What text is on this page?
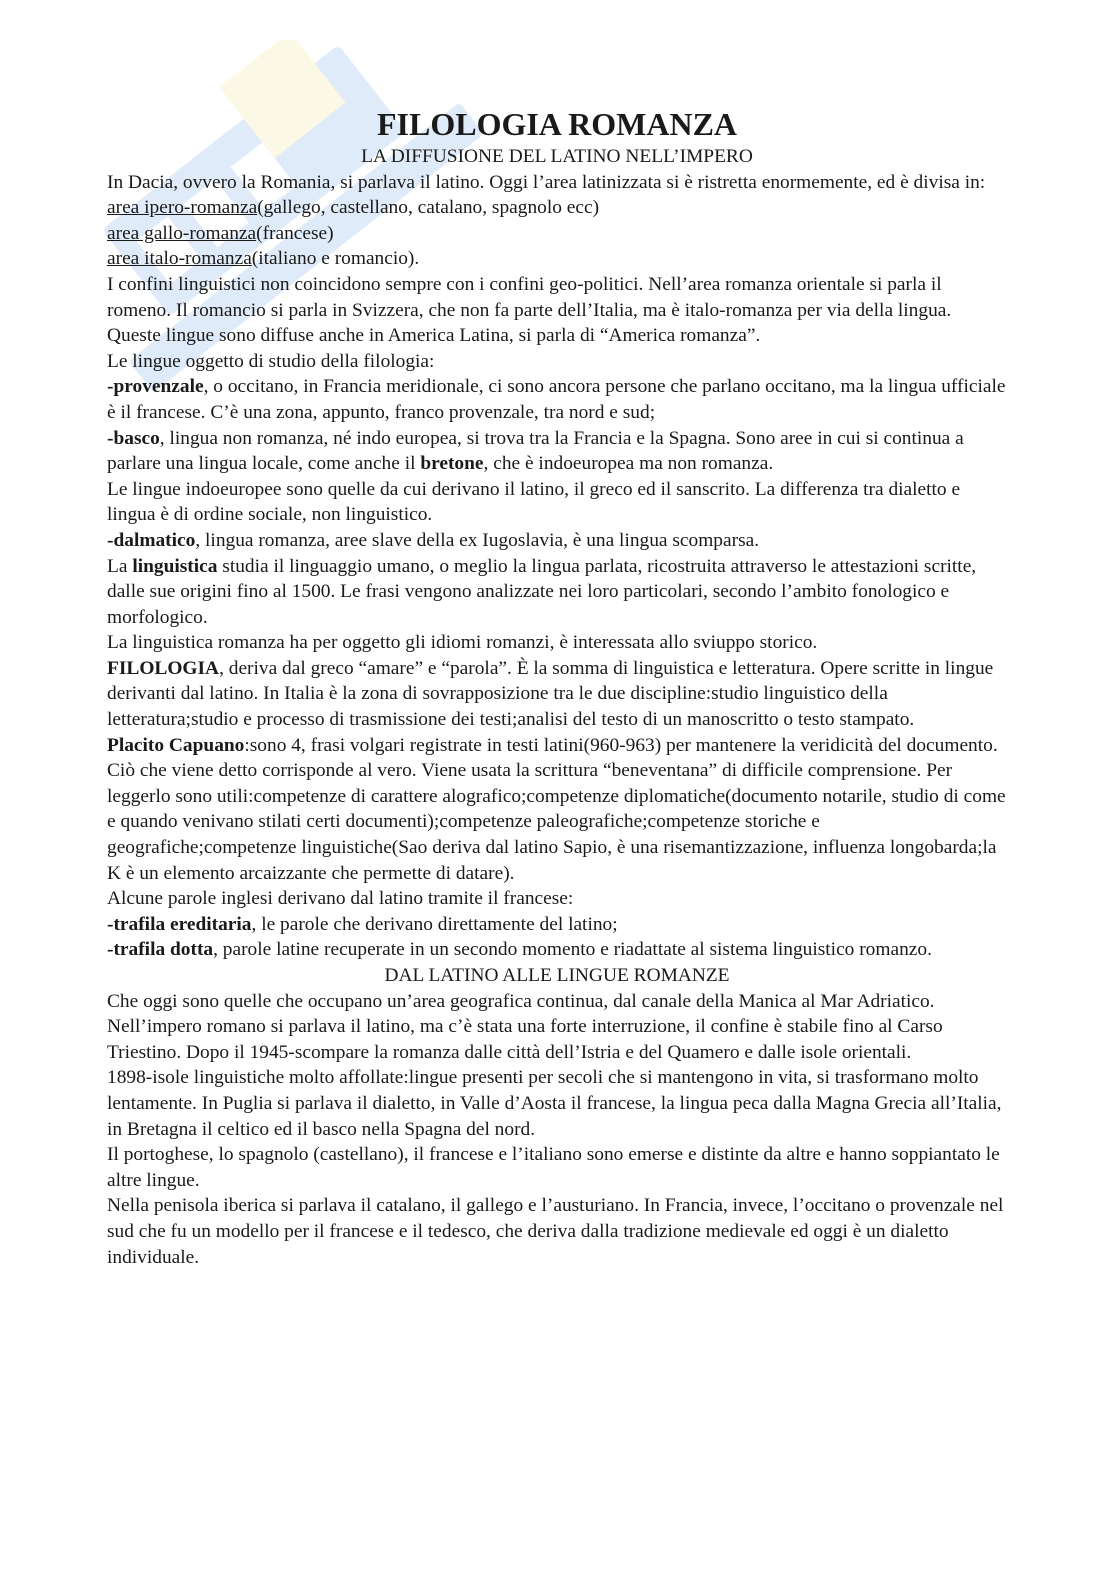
FILOLOGIA ROMANZA

LA DIFFUSIONE DEL LATINO NELL’IMPERO

In Dacia, ovvero la Romania, si parlava il latino. Oggi l’area latinizzata si è ristretta enormemente, ed è divisa in:

area ipero-romanza(gallego, castellano, catalano, spagnolo ecc)

area gallo-romanza(francese)

area italo-romanza(italiano e romancio).

I confini linguistici non coincidono sempre con i confini geo-politici. Nell’area romanza orientale si parla il romeno. Il romancio si parla in Svizzera, che non fa parte dell’Italia, ma è italo-romanza per via della lingua. Queste lingue sono diffuse anche in America Latina, si parla di “America romanza”.

Le lingue oggetto di studio della filologia:

-provenzale, o occitano, in Francia meridionale, ci sono ancora persone che parlano occitano, ma la lingua ufficiale è il francese. C’è una zona, appunto, franco provenzale, tra nord e sud;

-basco, lingua non romanza, né indo europea, si trova tra la Francia e la Spagna. Sono aree in cui si continua a parlare una lingua locale, come anche il bretone, che è indoeuropea ma non romanza.

Le lingue indoeuropee sono quelle da cui derivano il latino, il greco ed il sanscrito. La differenza tra dialetto e lingua è di ordine sociale, non linguistico.

-dalmatico, lingua romanza, aree slave della ex Iugoslavia, è una lingua scomparsa.

La linguistica studia il linguaggio umano, o meglio la lingua parlata, ricostruita attraverso le attestazioni scritte, dalle sue origini fino al 1500. Le frasi vengono analizzate nei loro particolari, secondo l’ambito fonologico e morfologico.

La linguistica romanza ha per oggetto gli idiomi romanzi, è interessata allo sviuppo storico.

FILOLOGIA, deriva dal greco “amare” e “parola”. È la somma di linguistica e letteratura. Opere scritte in lingue derivanti dal latino. In Italia è la zona di sovrapposizione tra le due discipline:studio linguistico della letteratura;studio e processo di trasmissione dei testi;analisi del testo di un manoscritto o testo stampato.

Placito Capuano:sono 4, frasi volgari registrate in testi latini(960-963) per mantenere la veridicità del documento. Ciò che viene detto corrisponde al vero. Viene usata la scrittura “beneventana” di difficile comprensione. Per leggerlo sono utili:competenze di carattere alografico;competenze diplomatiche(documento notarile, studio di come e quando venivano stilati certi documenti);competenze paleografiche;competenze storiche e geografiche;competenze linguistiche(Sao deriva dal latino Sapio, è una risemantizzazione, influenza longobarda;la K è un elemento arcaizzante che permette di datare).

Alcune parole inglesi derivano dal latino tramite il francese:

-trafila ereditaria, le parole che derivano direttamente del latino;

-trafila dotta, parole latine recuperate in un secondo momento e riadattate al sistema linguistico romanzo.

DAL LATINO ALLE LINGUE ROMANZE

Che oggi sono quelle che occupano un’area geografica continua, dal canale della Manica al Mar Adriatico. Nell’impero romano si parlava il latino, ma c’è stata una forte interruzione, il confine è stabile fino al Carso Triestino. Dopo il 1945-scompare la romanza dalle città dell’Istria e del Quamero e dalle isole orientali.

1898-isole linguistiche molto affollate:lingue presenti per secoli che si mantengono in vita, si trasformano molto lentamente. In Puglia si parlava il dialetto, in Valle d’Aosta il francese, la lingua peca dalla Magna Grecia all’Italia, in Bretagna il celtico ed il basco nella Spagna del nord.

Il portoghese, lo spagnolo (castellano), il francese e l’italiano sono emerse e distinte da altre e hanno soppiantato le altre lingue.

Nella penisola iberica si parlava il catalano, il gallego e l’austuriano. In Francia, invece, l’occitano o provenzale nel sud che fu un modello per il francese e il tedesco, che deriva dalla tradizione medievale ed oggi è un dialetto individuale.
